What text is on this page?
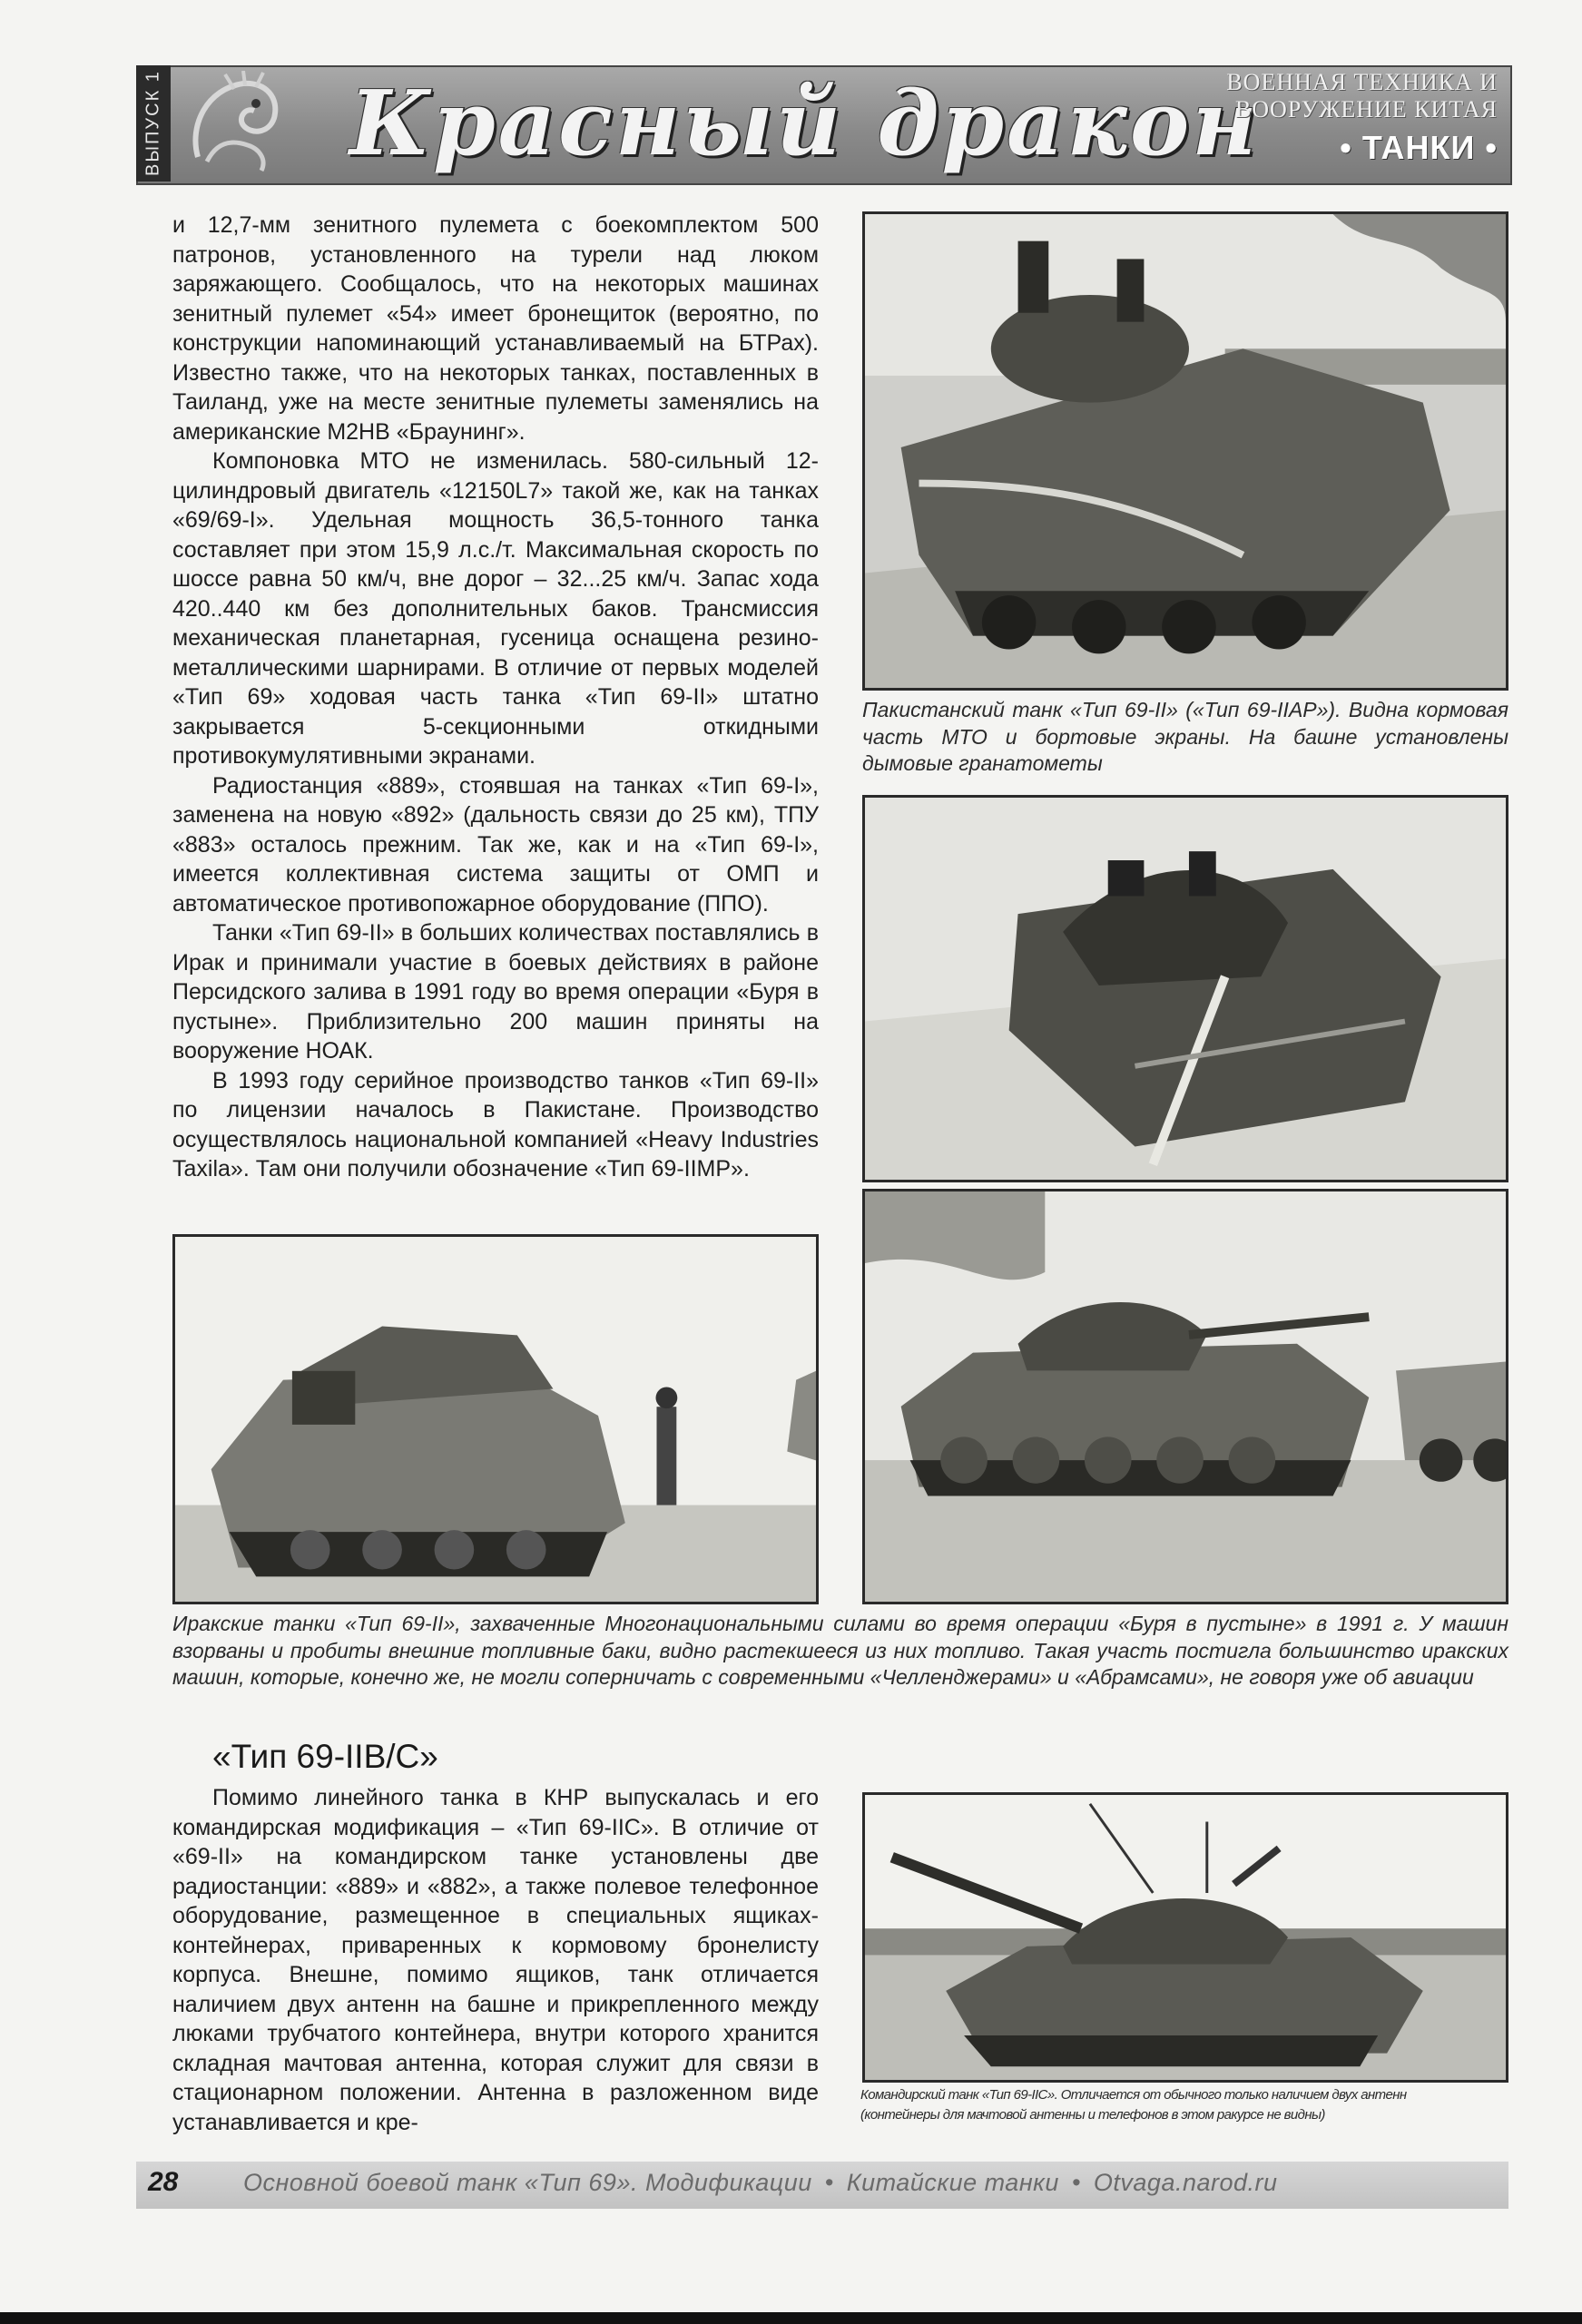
ВЫПУСК 1 Красный дракон
ВОЕННАЯ ТЕХНИКА И
ВООРУЖЕНИЕ КИТАЯ
• ТАНКИ •

и 12,7-мм зенитного пулемета с боекомплектом 500 патронов, установленного на турели над люком заряжающего. Сообщалось, что на некоторых машинах зенитный пулемет «54» имеет бронещиток (вероятно, по конструкции напоминающий устанавливаемый на БТРах). Известно также, что на некоторых танках, поставленных в Таиланд, уже на месте зенитные пулеметы заменялись на американские M2HB «Браунинг».

Компоновка МТО не изменилась. 580-сильный 12-цилиндровый двигатель «12150L7» такой же, как на танках «69/69-I». Удельная мощность 36,5-тонного танка составляет при этом 15,9 л.с./т. Максимальная скорость по шоссе равна 50 км/ч, вне дорог – 32...25 км/ч. Запас хода 420..440 км без дополнительных баков. Трансмиссия механическая планетарная, гусеница оснащена резино-металлическими шарнирами. В отличие от первых моделей «Тип 69» ходовая часть танка «Тип 69-II» штатно закрывается 5-секционными откидными противокумулятивными экранами.

Радиостанция «889», стоявшая на танках «Тип 69-I», заменена на новую «892» (дальность связи до 25 км), ТПУ «883» осталось прежним. Так же, как и на «Тип 69-I», имеется коллективная система защиты от ОМП и автоматическое противопожарное оборудование (ППО).

Танки «Тип 69-II» в больших количествах поставлялись в Ирак и принимали участие в боевых действиях в районе Персидского залива в 1991 году во время операции «Буря в пустыне». Приблизительно 200 машин приняты на вооружение НОАК.

В 1993 году серийное производство танков «Тип 69-II» по лицензии началось в Пакистане. Производство осуществлялось национальной компанией «Heavy Industries Taxila». Там они получили обозначение «Тип 69-IIMP».

Пакистанский танк «Тип 69-II» («Тип 69-IIAP»). Видна кормовая часть МТО и бортовые экраны. На башне установлены дымовые гранатометы
Иракские танки «Тип 69-II», захваченные Многонациональными силами во время операции «Буря в пустыне» в 1991 г. У машин взорваны и пробиты внешние топливные баки, видно растекшееся из них топливо. Такая участь постигла большинство иракских машин, которые, конечно же, не могли соперничать с современными «Челленджерами» и «Абрамсами», не говоря уже об авиации
«Тип 69-IIB/C»

Помимо линейного танка в КНР выпускалась и его командирская модификация – «Тип 69-IIC». В отличие от «69-II» на командирском танке установлены две радиостанции: «889» и «882», а также полевое телефонное оборудование, размещенное в специальных ящиках-контейнерах, приваренных к кормовому бронелисту корпуса. Внешне, помимо ящиков, танк отличается наличием двух антенн на башне и прикрепленного между люками трубчатого контейнера, внутри которого хранится складная мачтовая антенна, которая служит для связи в стационарном положении. Антенна в разложенном виде устанавливается и кре-

Командирский танк «Тип 69-IIC». Отличается от обычного только наличием двух антенн
(контейнеры для мачтовой антенны и телефонов в этом ракурсе не видны)
28	Основной боевой танк «Тип 69». Модификации • Китайские танки • Otvaga.narod.ru
